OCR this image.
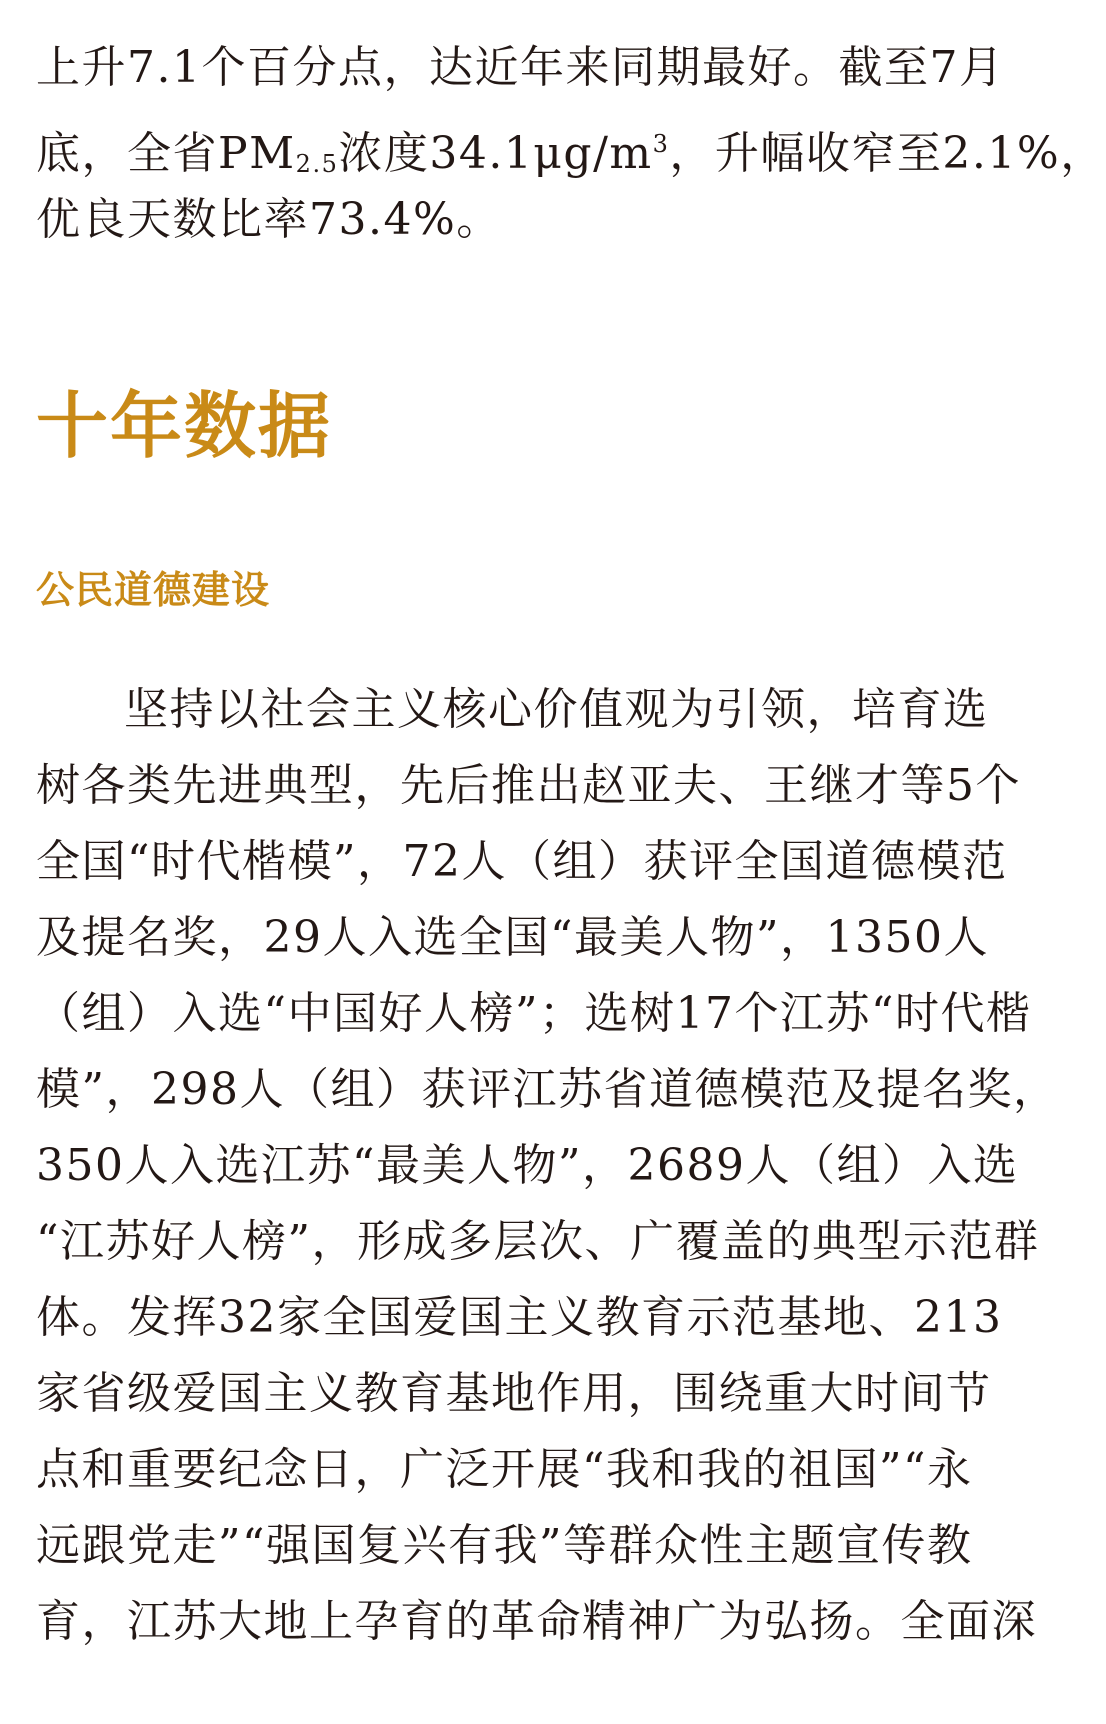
上升7.1个百分点，达近年来同期最好。截至7月
底，全省PM2.5浓度$34.1\mu g/m^3$，升幅收窄至2.1%，
优良天数比率73.4%。

十年数据
公民道德建设

坚持以社会主义核心价值观为引领，培育选
树各类先进典型，先后推出赵亚夫、王继才等5个
全国“时代楷模”，72人（组）获评全国道德模范
及提名奖，29人入选全国“最美人物”，1350人
（组）入选“中国好人榜”；选树17个江苏“时代楷
模”，298人（组）获评江苏省道德模范及提名奖，
350人入选江苏“最美人物”，2689人（组）入选
“江苏好人榜”，形成多层次、广覆盖的典型示范群
体。发挥32家全国爱国主义教育示范基地、213
家省级爱国主义教育基地作用，围绕重大时间节
点和重要纪念日，广泛开展“我和我的祖国”“永
远跟党走”“强国复兴有我”等群众性主题宣传教
育，江苏大地上孕育的革命精神广为弘扬。全面深
